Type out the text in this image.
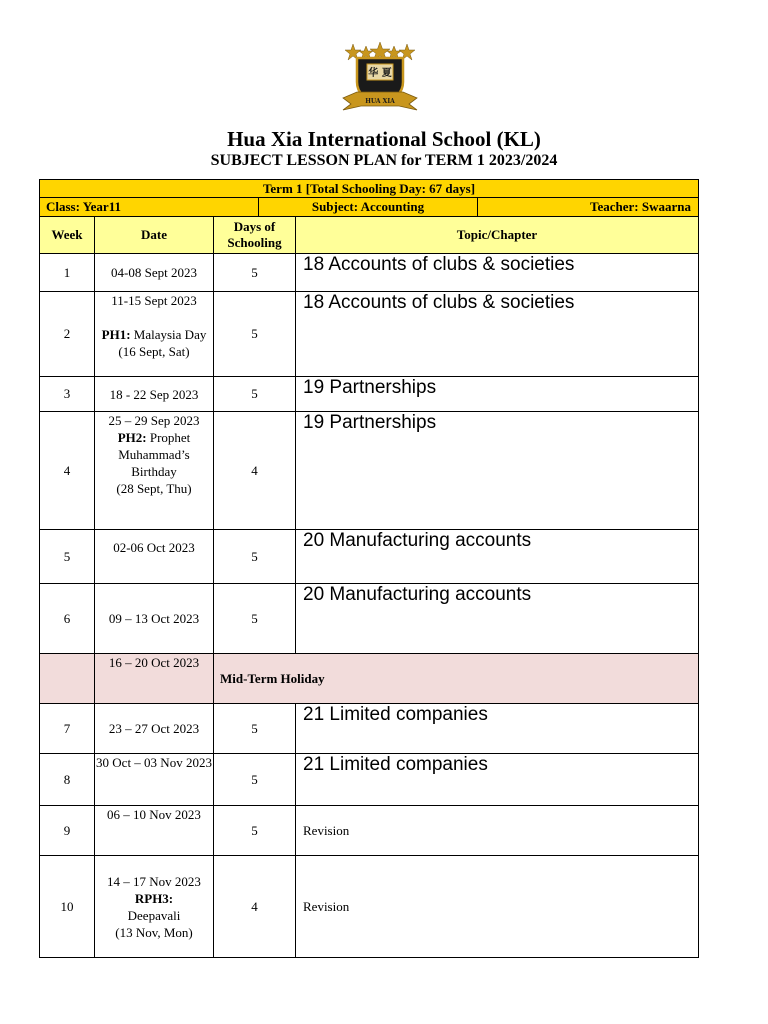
华 夏
HUA XIA
Hua Xia International School (KL)
SUBJECT LESSON PLAN for TERM 1 2023/2024
Term 1 [Total Schooling Day: 67 days]			

Class: Year11 Subject: Accounting Teacher: Swaarna			

Week	Date	Days of Schooling	Topic/Chapter
1	04-08 Sept 2023	5	18 Accounts of clubs & societies
2	11-15 Sept 2023
PH1: Malaysia Day (16 Sept, Sat)	5	18 Accounts of clubs & societies
3	18 - 22 Sep 2023	5	19 Partnerships
4	25 – 29 Sep 2023
PH2: Prophet Muhammad’s Birthday
(28 Sept, Thu)	4	19 Partnerships
5	02-06 Oct 2023	5	20 Manufacturing accounts
6	09 – 13 Oct 2023	5	20 Manufacturing accounts
	16 – 20 Oct 2023	Mid-Term Holiday	
7	23 – 27 Oct 2023	5	21 Limited companies
8	30 Oct – 03 Nov 2023	5	21 Limited companies
9	06 – 10 Nov 2023	5	Revision
10	14 – 17 Nov 2023
RPH3:
Deepavali
(13 Nov, Mon)	4	Revision
